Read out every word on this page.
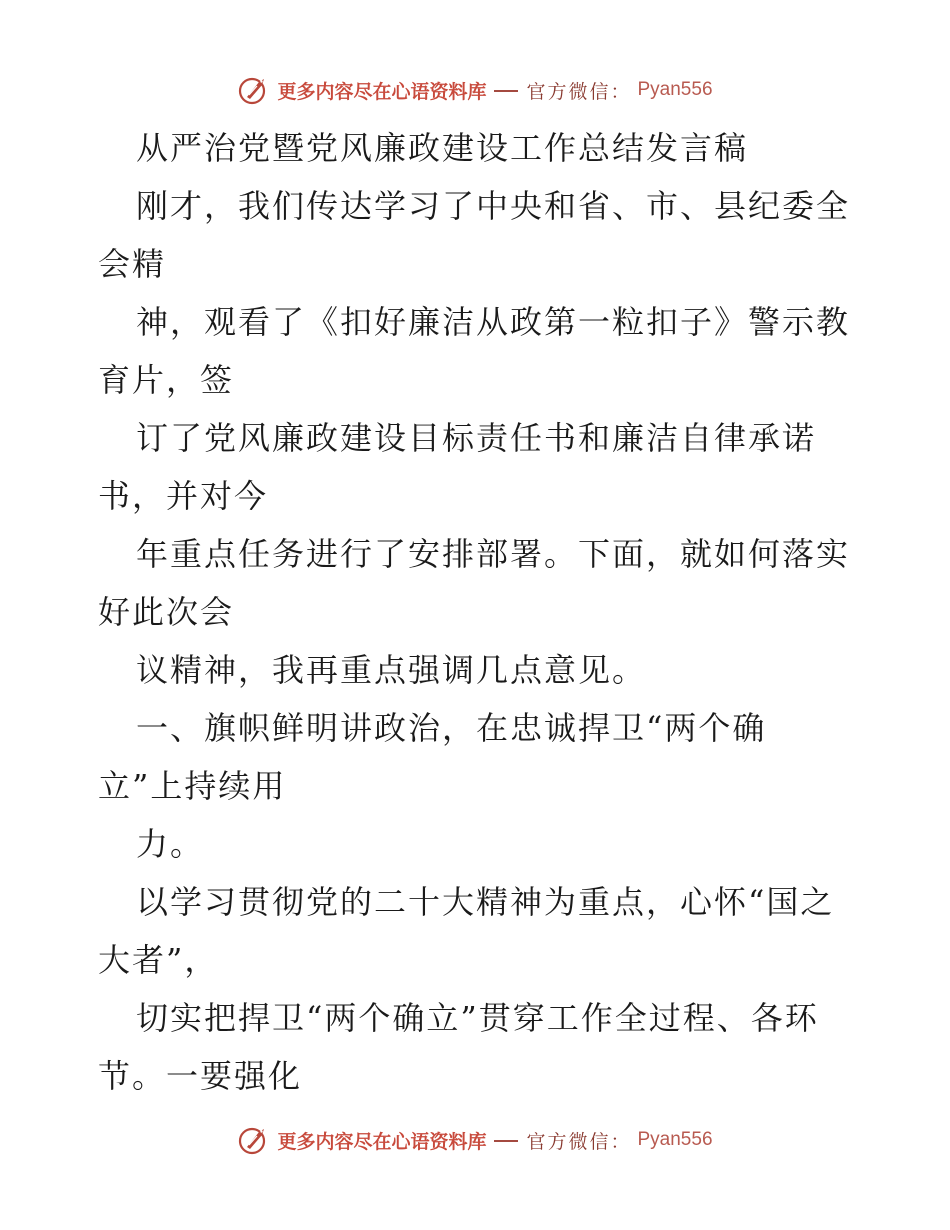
更多内容尽在心语资料库 官方微信： Pyan556
从严治党暨党风廉政建设工作总结发言稿
刚才，我们传达学习了中央和省、市、县纪委全
会精
神，观看了《扣好廉洁从政第一粒扣子》警示教
育片，签
订了党风廉政建设目标责任书和廉洁自律承诺
书，并对今
年重点任务进行了安排部署。下面，就如何落实
好此次会
议精神，我再重点强调几点意见。
一、旗帜鲜明讲政治，在忠诚捍卫“两个确
立”上持续用
力。
以学习贯彻党的二十大精神为重点，心怀“国之
大者”，
切实把捍卫“两个确立”贯穿工作全过程、各环
节。一要强化
更多内容尽在心语资料库 官方微信： Pyan556
